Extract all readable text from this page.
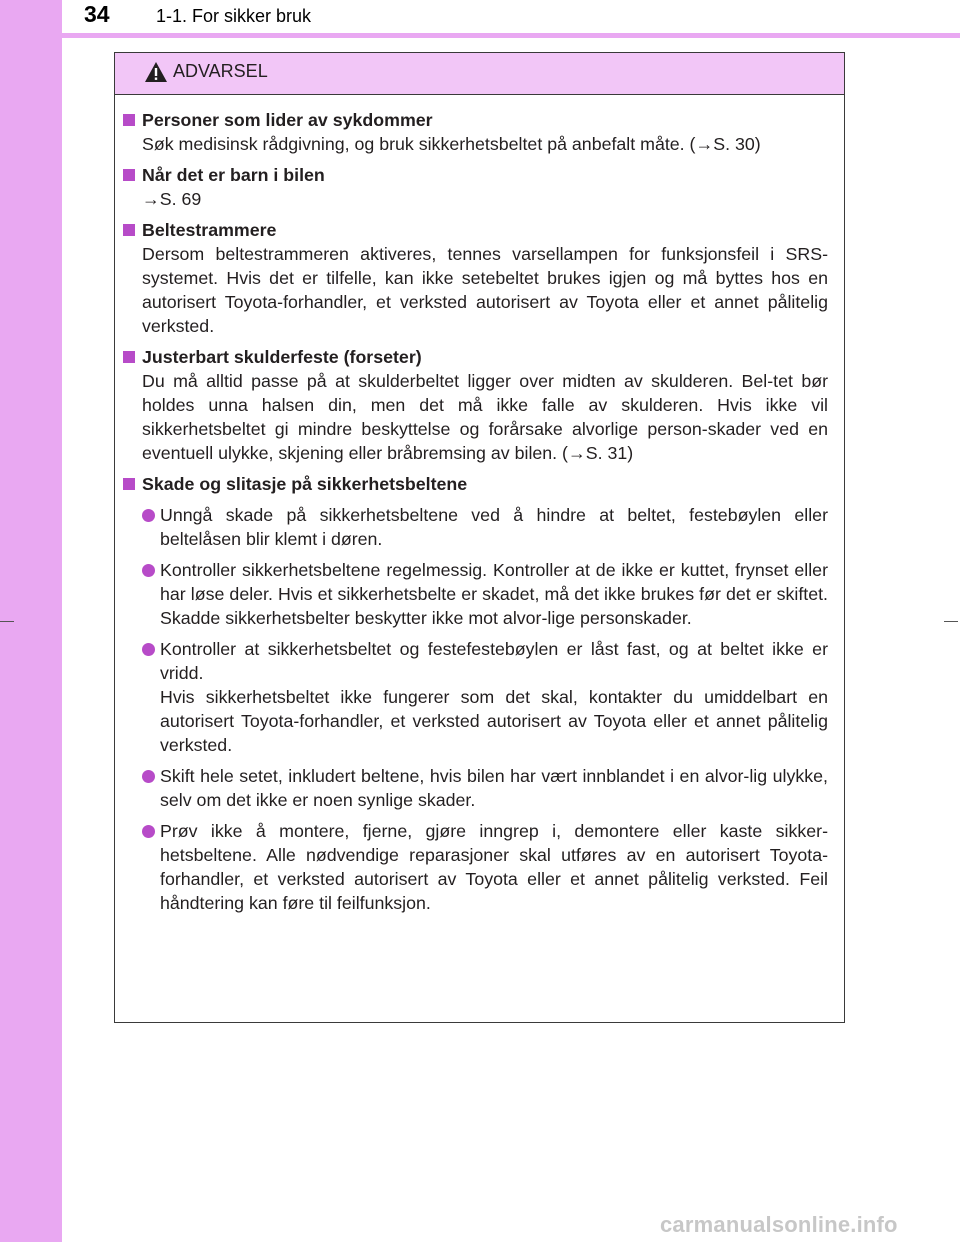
34	1-1. For sikker bruk
ADVARSEL
Personer som lider av sykdommer
Søk medisinsk rådgivning, og bruk sikkerhetsbeltet på anbefalt måte. (→S. 30)
Når det er barn i bilen
→S. 69
Beltestrammere
Dersom beltestrammeren aktiveres, tennes varsellampen for funksjonsfeil i SRS-systemet. Hvis det er tilfelle, kan ikke setebeltet brukes igjen og må byttes hos en autorisert Toyota-forhandler, et verksted autorisert av Toyota eller et annet pålitelig verksted.
Justerbart skulderfeste (forseter)
Du må alltid passe på at skulderbeltet ligger over midten av skulderen. Bel-tet bør holdes unna halsen din, men det må ikke falle av skulderen. Hvis ikke vil sikkerhetsbeltet gi mindre beskyttelse og forårsake alvorlige person-skader ved en eventuell ulykke, skjening eller bråbremsing av bilen. (→S. 31)
Skade og slitasje på sikkerhetsbeltene
Unngå skade på sikkerhetsbeltene ved å hindre at beltet, festebøylen eller beltelåsen blir klemt i døren.
Kontroller sikkerhetsbeltene regelmessig. Kontroller at de ikke er kuttet, frynset eller har løse deler. Hvis et sikkerhetsbelte er skadet, må det ikke brukes før det er skiftet. Skadde sikkerhetsbelter beskytter ikke mot alvor-lige personskader.
Kontroller at sikkerhetsbeltet og festefestebøylen er låst fast, og at beltet ikke er vridd.
Hvis sikkerhetsbeltet ikke fungerer som det skal, kontakter du umiddelbart en autorisert Toyota-forhandler, et verksted autorisert av Toyota eller et annet pålitelig verksted.
Skift hele setet, inkludert beltene, hvis bilen har vært innblandet i en alvor-lig ulykke, selv om det ikke er noen synlige skader.
Prøv ikke å montere, fjerne, gjøre inngrep i, demontere eller kaste sikker-hetsbeltene. Alle nødvendige reparasjoner skal utføres av en autorisert Toyota-forhandler, et verksted autorisert av Toyota eller et annet pålitelig verksted. Feil håndtering kan føre til feilfunksjon.
carmanualsonline.info
